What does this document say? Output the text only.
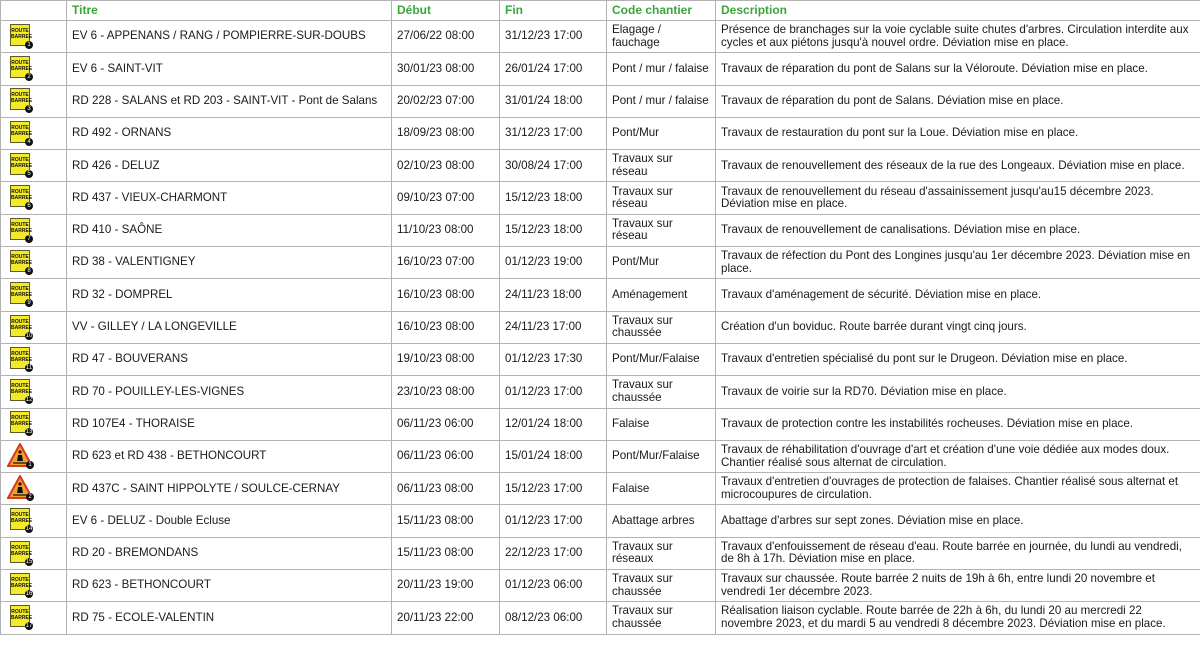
	Titre	Début	Fin	Code chantier	Description

ROUTE
BARREE
1	EV 6 - APPENANS / RANG / POMPIERRE-SUR-DOUBS	27/06/22 08:00	31/12/23 17:00	Elagage / fauchage	Présence de branchages sur la voie cyclable suite chutes d'arbres. Circulation interdite aux cycles et aux piétons jusqu'à nouvel ordre. Déviation mise en place.

ROUTE
BARREE
2	EV 6 - SAINT-VIT	30/01/23 08:00	26/01/24 17:00	Pont / mur / falaise	Travaux de réparation du pont de Salans sur la Véloroute. Déviation mise en place.

ROUTE
BARREE
3	RD 228 - SALANS et RD 203 - SAINT-VIT - Pont de Salans	20/02/23 07:00	31/01/24 18:00	Pont / mur / falaise	Travaux de réparation du pont de Salans. Déviation mise en place.

ROUTE
BARREE
4	RD 492 - ORNANS	18/09/23 08:00	31/12/23 17:00	Pont/Mur	Travaux de restauration du pont sur la Loue. Déviation mise en place.

ROUTE
BARREE
5	RD 426 - DELUZ	02/10/23 08:00	30/08/24 17:00	Travaux sur réseau	Travaux de renouvellement des réseaux de la rue des Longeaux. Déviation mise en place.

ROUTE
BARREE
6	RD 437 - VIEUX-CHARMONT	09/10/23 07:00	15/12/23 18:00	Travaux sur réseau	Travaux de renouvellement du réseau d'assainissement jusqu'au15 décembre 2023. Déviation mise en place.

ROUTE
BARREE
7	RD 410 - SAÔNE	11/10/23 08:00	15/12/23 18:00	Travaux sur réseau	Travaux de renouvellement de canalisations. Déviation mise en place.

ROUTE
BARREE
8	RD 38 - VALENTIGNEY	16/10/23 07:00	01/12/23 19:00	Pont/Mur	Travaux de réfection du Pont des Longines jusqu'au 1er décembre 2023. Déviation mise en place.

ROUTE
BARREE
9	RD 32 - DOMPREL	16/10/23 08:00	24/11/23 18:00	Aménagement	Travaux d'aménagement de sécurité. Déviation mise en place.

ROUTE
BARREE
10	VV - GILLEY / LA LONGEVILLE	16/10/23 08:00	24/11/23 17:00	Travaux sur chaussée	Création d'un boviduc. Route barrée durant vingt cinq jours.

ROUTE
BARREE
11	RD 47 - BOUVERANS	19/10/23 08:00	01/12/23 17:30	Pont/Mur/Falaise	Travaux d'entretien spécialisé du pont sur le Drugeon. Déviation mise en place.

ROUTE
BARREE
12	RD 70 - POUILLEY-LES-VIGNES	23/10/23 08:00	01/12/23 17:00	Travaux sur chaussée	Travaux de voirie sur la RD70. Déviation mise en place.

ROUTE
BARREE
13	RD 107E4 - THORAISE	06/11/23 06:00	12/01/24 18:00	Falaise	Travaux de protection contre les instabilités rocheuses. Déviation mise en place.

1	RD 623 et RD 438 - BETHONCOURT	06/11/23 06:00	15/01/24 18:00	Pont/Mur/Falaise	Travaux de réhabilitation d'ouvrage d'art et création d'une voie dédiée aux modes doux. Chantier réalisé sous alternat de circulation.

2	RD 437C - SAINT HIPPOLYTE / SOULCE-CERNAY	06/11/23 08:00	15/12/23 17:00	Falaise	Travaux d'entretien d'ouvrages de protection de falaises. Chantier réalisé sous alternat et microcoupures de circulation.

ROUTE
BARREE
14	EV 6 - DELUZ - Double Ecluse	15/11/23 08:00	01/12/23 17:00	Abattage arbres	Abattage d'arbres sur sept zones. Déviation mise en place.

ROUTE
BARREE
15	RD 20 - BREMONDANS	15/11/23 08:00	22/12/23 17:00	Travaux sur réseaux	Travaux d'enfouissement de réseau d'eau. Route barrée en journée, du lundi au vendredi, de 8h à 17h. Déviation mise en place.

ROUTE
BARREE
16	RD 623 - BETHONCOURT	20/11/23 19:00	01/12/23 06:00	Travaux sur chaussée	Travaux sur chaussée. Route barrée 2 nuits de 19h à 6h, entre lundi 20 novembre et vendredi 1er décembre 2023.

ROUTE
BARREE
17	RD 75 - ECOLE-VALENTIN	20/11/23 22:00	08/12/23 06:00	Travaux sur chaussée	Réalisation liaison cyclable. Route barrée de 22h à 6h, du lundi 20 au mercredi 22 novembre 2023, et du mardi 5 au vendredi 8 décembre 2023. Déviation mise en place.
